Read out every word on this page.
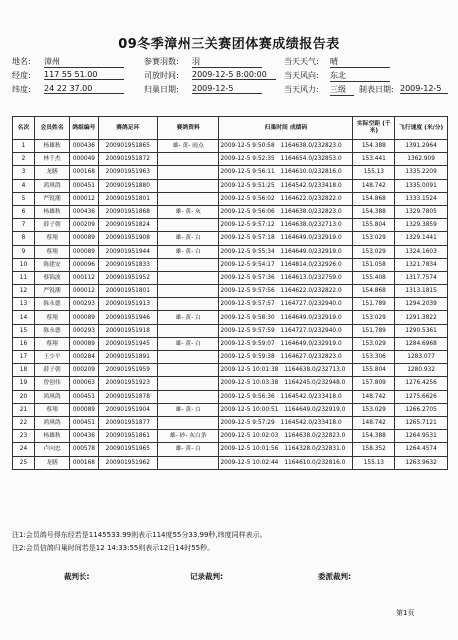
09冬季漳州三关赛团体赛成绩报告表
地名: 漳州	参赛羽数: 羽	当天天气: 晴
经度: 117 55 51.00	司放时间: 2009-12-5 8:00:00	当天风向: 东北
纬度: 24 22 37.00	归巢日期: 2009-12-5	当天风力: 三级	制表日期: 2009-12-5
名次	会员姓名	鸽组编号	赛鸽足环	赛鸽资料	归巢时间 成绩码	实际空距 (千米)	飞行速度 (米/分)
1	杨雄秋	000436	200901951865	雄- 黄- 雨点	2009-12-5 9:50:58 1164638.0/232823.0	154.388	1391.2964
2	林千杰	000049	200901951872		2009-12-5 9:52:35 1164654.0/232853.0	153.441	1362.909
3	龙膳	000168	200901951963		2009-12-5 9:56:11 1164610.0/232816.0	155.13	1335.2209
4	鸿琪鸽	000451	200901951880		2009-12-5 9:51:25 1164542.0/233418.0	148.742	1335.0091
5	严锐潮	000012	200901951801		2009-12-5 9:56:02 1164622.0/232822.0	154.868	1333.1524
6	杨雄秋	000436	200901951868	雄- 黄- 灰	2009-12-5 9:56:06 1164638.0/232823.0	154.388	1329.7805
7	薛子朝	000209	200901951824		2009-12-5 9:57:12 1164638.0/232713.0	155.804	1329.3859
8	蔡翔	000089	200901951908	雄- 黄- 白	2009-12-5 9:57:18 1164649.0/232919.0	153.029	1329.1441
9	蔡翔	000089	200901951944	雄- 黄- 白	2009-12-5 9:55:34 1164649.0/232919.0	153.029	1324.1603
10	陈建安	000096	200901951833		2009-12-5 9:54:17 1164814.0/232926.0	151.058	1321.7834
11	蔡锦波	000112	200901951952		2009-12-5 9:57:36 1164613.0/232759.0	155.408	1317.7574
12	严锐潮	000012	200901951801		2009-12-5 9:57:56 1164622.0/232822.0	154.868	1313.1815
13	陈永德	000293	200901951913		2009-12-5 9:57:57 1164727.0/232940.0	151.789	1294.2039
14	蔡翔	000089	200901951946	雄- 黄- 白	2009-12-5 9:58:30 1164649.0/232919.0	153.029	1291.3822
15	陈永德	000293	200901951918		2009-12-5 9:57:59 1164727.0/232940.0	151.789	1290.5361
16	蔡翔	000089	200901951945	雄- 黄- 白	2009-12-5 9:59:07 1164649.0/232919.0	153.029	1284.6968
17	王少平	000284	200901951891		2009-12-5 9:59:38 1164627.0/232823.0	153.306	1283.077
18	薛子朝	000209	200901951959		2009-12-5 10:01:38 1164638.0/232713.0	155.804	1280.932
19	曾创伟	000063	200901951923		2009-12-5 10:03:38 1164245.0/232948.0	157.809	1276.4256
20	鸿琪鸽	000451	200901951878		2009-12-5 9:56:36 1164542.0/233418.0	148.742	1275.6626
21	蔡翔	000089	200901951904	雄- 黄- 白	2009-12-5 10:00:51 1164649.0/232919.0	153.029	1266.2705
22	鸿琪鸽	000451	200901951877		2009-12-5 9:57:29 1164542.0/233418.0	148.742	1265.7121
23	杨雄秋	000436	200901951861	雄- 砂- 灰白条	2009-12-5 10:02:03 1164638.0/232823.0	154.388	1264.9531
24	卢向忠	000578	200901951965	雄- 黄- 白	2009-12-5 10:01:56 1164328.0/232831.0	158.352	1264.4574
25	龙膳	000168	200901951962		2009-12-5 10:02:44 1164610.0/232816.0	155.13	1263.9632
注1:会员鸽号得东经若是1145533.99则表示114度55分33.99秒,纬度同样表示。
注2:会员信鸽归巢时间若是12 14:33:55则表示12日14时55秒。
裁判长:	记录裁判:	委派裁判:
第1页
